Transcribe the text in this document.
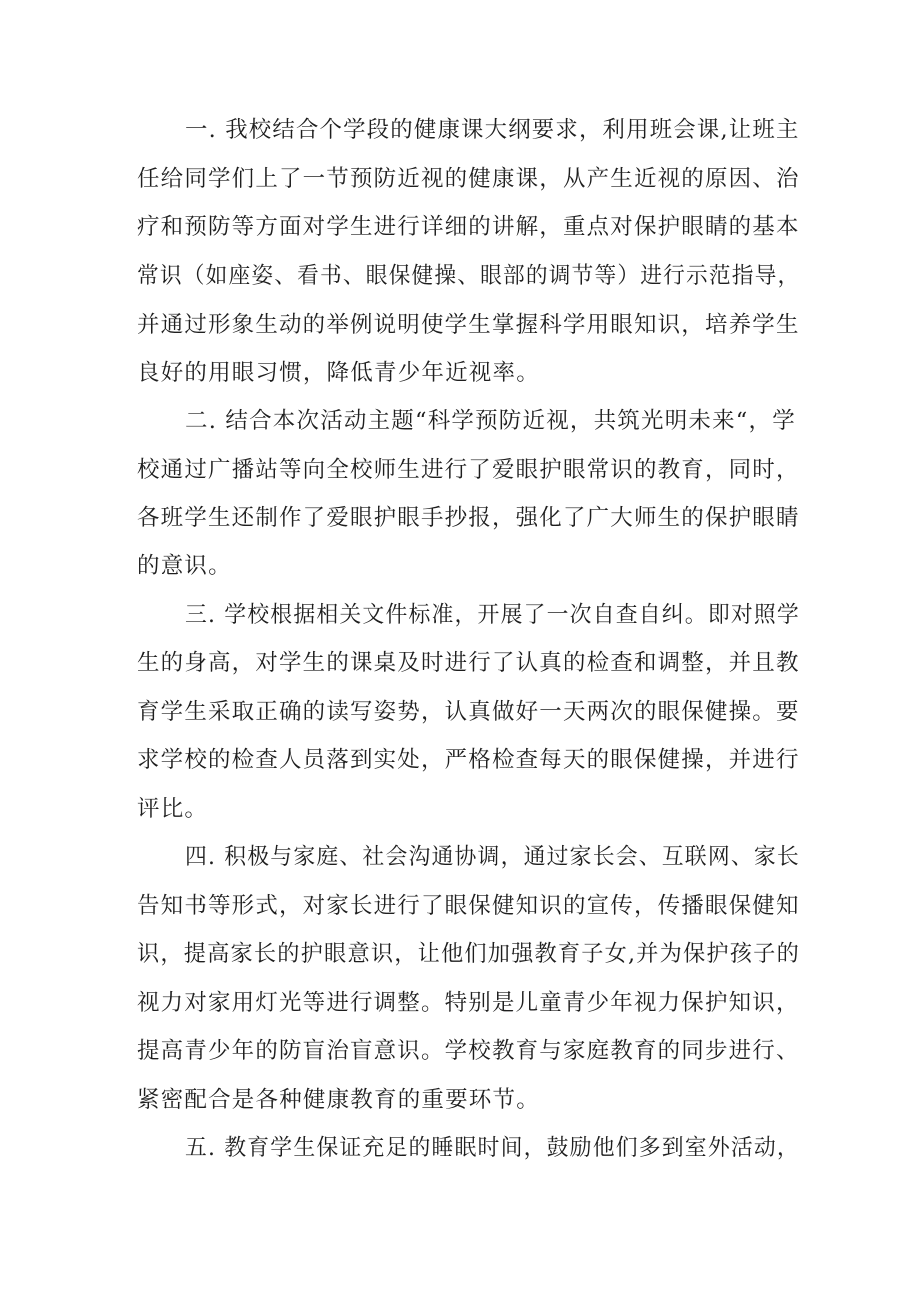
一. 我校结合个学段的健康课大纲要求，利用班会课,让班主
任给同学们上了一节预防近视的健康课，从产生近视的原因、治
疗和预防等方面对学生进行详细的讲解，重点对保护眼睛的基本
常识（如座姿、看书、眼保健操、眼部的调节等）进行示范指导，
并通过形象生动的举例说明使学生掌握科学用眼知识，培养学生
良好的用眼习惯，降低青少年近视率。
二. 结合本次活动主题“科学预防近视，共筑光明未来“，学
校通过广播站等向全校师生进行了爱眼护眼常识的教育，同时，
各班学生还制作了爱眼护眼手抄报，强化了广大师生的保护眼睛
的意识。
三. 学校根据相关文件标准，开展了一次自查自纠。即对照学
生的身高，对学生的课桌及时进行了认真的检查和调整，并且教
育学生采取正确的读写姿势，认真做好一天两次的眼保健操。要
求学校的检查人员落到实处，严格检查每天的眼保健操，并进行
评比。
四. 积极与家庭、社会沟通协调，通过家长会、互联网、家长
告知书等形式，对家长进行了眼保健知识的宣传，传播眼保健知
识，提高家长的护眼意识，让他们加强教育子女,并为保护孩子的
视力对家用灯光等进行调整。特别是儿童青少年视力保护知识，
提高青少年的防盲治盲意识。学校教育与家庭教育的同步进行、
紧密配合是各种健康教育的重要环节。
五. 教育学生保证充足的睡眠时间，鼓励他们多到室外活动，
